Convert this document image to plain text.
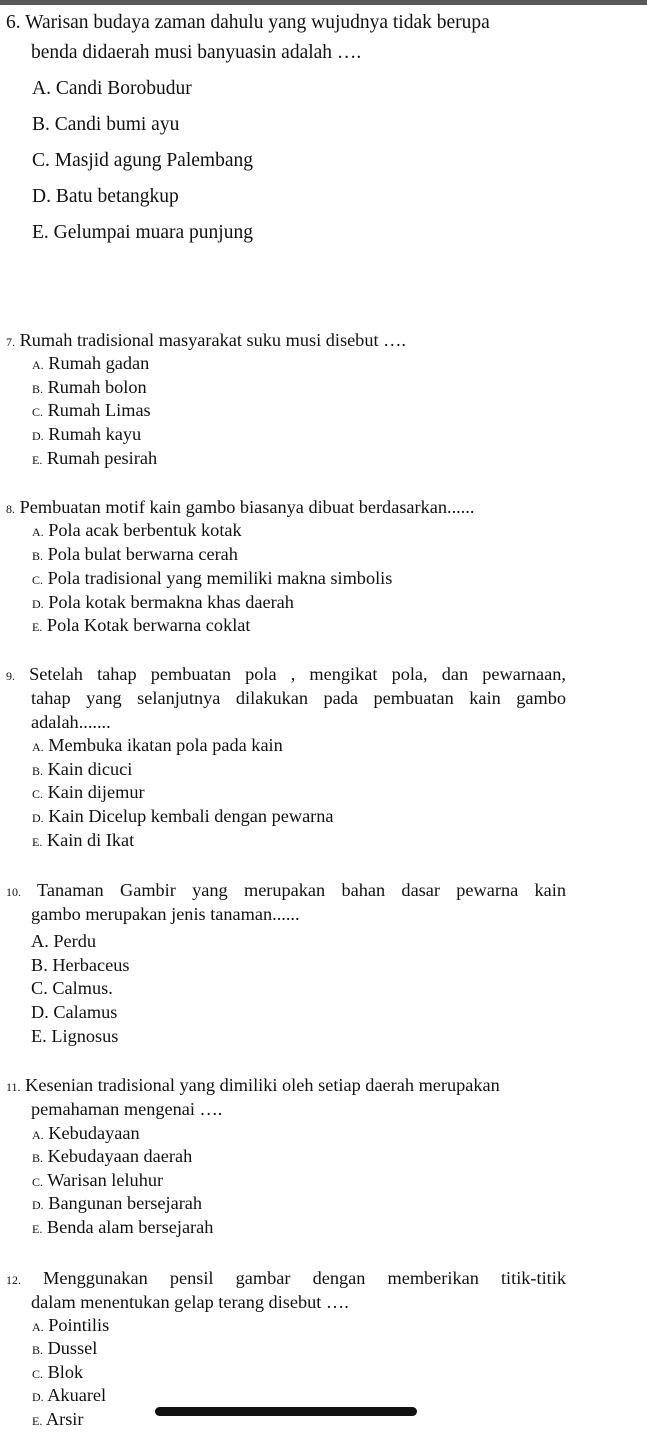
6. Warisan budaya zaman dahulu yang wujudnya tidak berupa
benda didaerah musi banyuasin adalah ….
A. Candi Borobudur
B. Candi bumi ayu
C. Masjid agung Palembang
D. Batu betangkup
E. Gelumpai muara punjung
7. Rumah tradisional masyarakat suku musi disebut ….
A. Rumah gadan
B. Rumah bolon
C. Rumah Limas
D. Rumah kayu
E. Rumah pesirah
8. Pembuatan motif kain gambo biasanya dibuat berdasarkan......
A. Pola acak berbentuk kotak
B. Pola bulat berwarna cerah
C. Pola tradisional yang memiliki makna simbolis
D. Pola kotak bermakna khas daerah
E. Pola Kotak berwarna coklat
9. Setelah tahap pembuatan pola , mengikat pola, dan pewarnaan,
tahap yang selanjutnya dilakukan pada pembuatan kain gambo
adalah.......
A. Membuka ikatan pola pada kain
B. Kain dicuci
C. Kain dijemur
D. Kain Dicelup kembali dengan pewarna
E. Kain di Ikat
10. Tanaman Gambir yang merupakan bahan dasar pewarna kain
gambo merupakan jenis tanaman......
A. Perdu
B. Herbaceus
C. Calmus.
D. Calamus
E. Lignosus
11. Kesenian tradisional yang dimiliki oleh setiap daerah merupakan
pemahaman mengenai ….
A. Kebudayaan
B. Kebudayaan daerah
C. Warisan leluhur
D. Bangunan bersejarah
E. Benda alam bersejarah
12. Menggunakan pensil gambar dengan memberikan titik-titik
dalam menentukan gelap terang disebut ….
A. Pointilis
B. Dussel
C. Blok
D. Akuarel
E. Arsir
